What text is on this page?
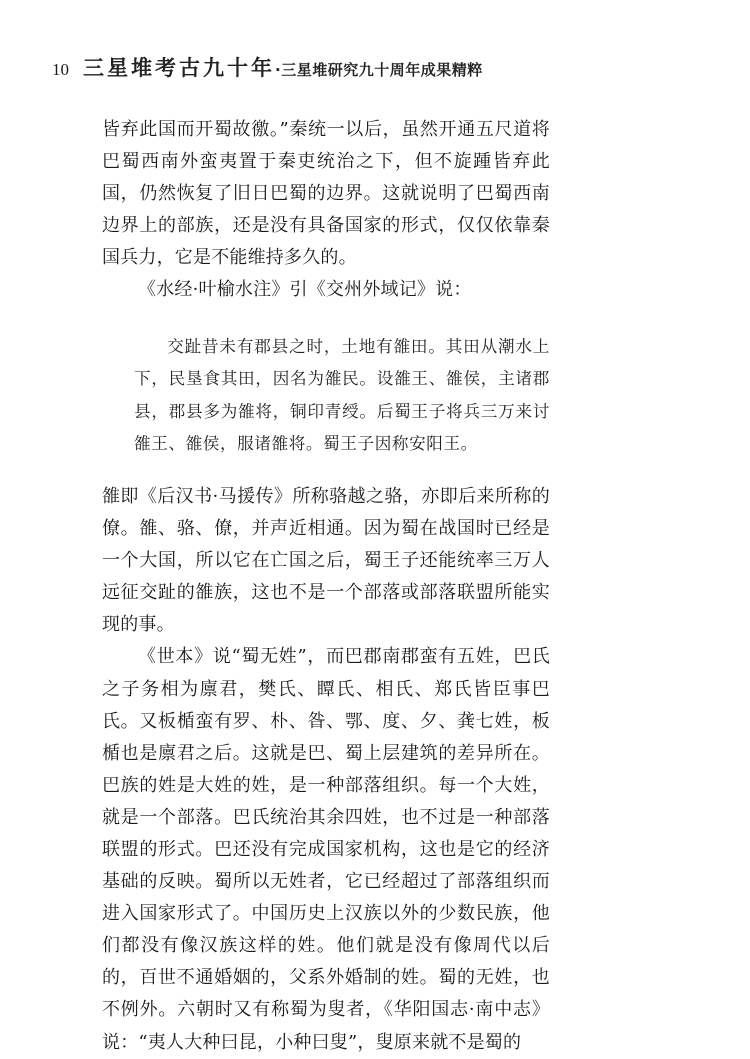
10 三星堆考古九十年 · 三星堆研究九十周年成果精粹

皆弃此国而开蜀故徼。”秦统一以后，虽然开通五尺道将巴蜀西南外蛮夷置于秦吏统治之下，但不旋踵皆弃此国，仍然恢复了旧日巴蜀的边界。这就说明了巴蜀西南边界上的部族，还是没有具备国家的形式，仅仅依靠秦国兵力，它是不能维持多久的。

《水经·叶榆水注》引《交州外域记》说：

交趾昔未有郡县之时，土地有雒田。其田从潮水上下，民垦食其田，因名为雒民。设雒王、雒侯，主诸郡县，郡县多为雒将，铜印青绶。后蜀王子将兵三万来讨雒王、雒侯，服诸雒将。蜀王子因称安阳王。

雒即《后汉书·马援传》所称骆越之骆，亦即后来所称的僚。雒、骆、僚，并声近相通。因为蜀在战国时已经是一个大国，所以它在亡国之后，蜀王子还能统率三万人远征交趾的雒族，这也不是一个部落或部落联盟所能实现的事。

《世本》说“蜀无姓”，而巴郡南郡蛮有五姓，巴氏之子务相为廪君，樊氏、瞫氏、相氏、郑氏皆臣事巴氏。又板楯蛮有罗、朴、昝、鄂、度、夕、龚七姓，板楯也是廪君之后。这就是巴、蜀上层建筑的差异所在。巴族的姓是大姓的姓，是一种部落组织。每一个大姓，就是一个部落。巴氏统治其余四姓，也不过是一种部落联盟的形式。巴还没有完成国家机构，这也是它的经济基础的反映。蜀所以无姓者，它已经超过了部落组织而进入国家形式了。中国历史上汉族以外的少数民族，他们都没有像汉族这样的姓。他们就是没有像周代以后的，百世不通婚姻的，父系外婚制的姓。蜀的无姓，也不例外。六朝时又有称蜀为叟者，《华阳国志·南中志》说：“夷人大种曰昆，小种曰叟”，叟原来就不是蜀的
